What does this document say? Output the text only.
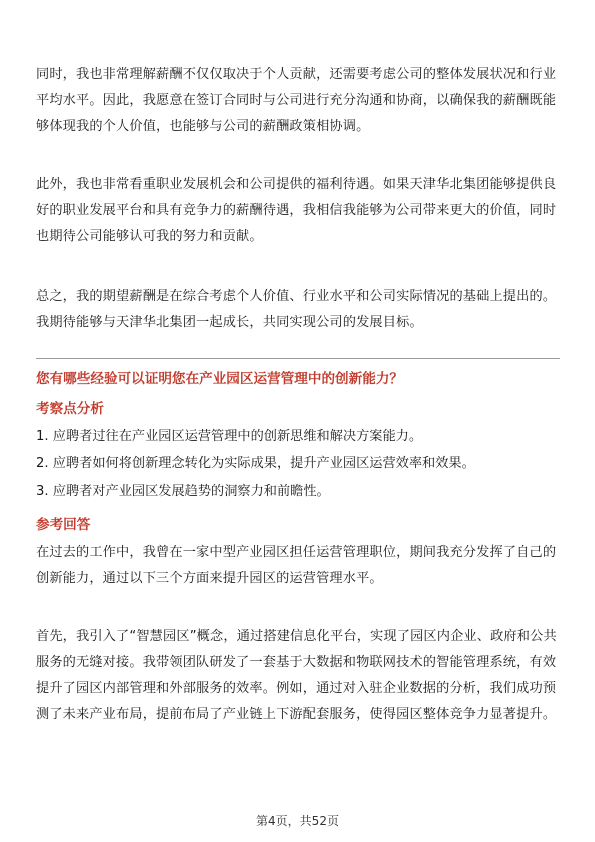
同时，我也非常理解薪酬不仅仅取决于个人贡献，还需要考虑公司的整体发展状况和行业平均水平。因此，我愿意在签订合同时与公司进行充分沟通和协商，以确保我的薪酬既能够体现我的个人价值，也能够与公司的薪酬政策相协调。

此外，我也非常看重职业发展机会和公司提供的福利待遇。如果天津华北集团能够提供良好的职业发展平台和具有竞争力的薪酬待遇，我相信我能够为公司带来更大的价值，同时也期待公司能够认可我的努力和贡献。

总之，我的期望薪酬是在综合考虑个人价值、行业水平和公司实际情况的基础上提出的。我期待能够与天津华北集团一起成长，共同实现公司的发展目标。

您有哪些经验可以证明您在产业园区运营管理中的创新能力？

考察点分析

1. 应聘者过往在产业园区运营管理中的创新思维和解决方案能力。

2. 应聘者如何将创新理念转化为实际成果，提升产业园区运营效率和效果。

3. 应聘者对产业园区发展趋势的洞察力和前瞻性。

参考回答

在过去的工作中，我曾在一家中型产业园区担任运营管理职位，期间我充分发挥了自己的创新能力，通过以下三个方面来提升园区的运营管理水平。

首先，我引入了“智慧园区”概念，通过搭建信息化平台，实现了园区内企业、政府和公共服务的无缝对接。我带领团队研发了一套基于大数据和物联网技术的智能管理系统，有效提升了园区内部管理和外部服务的效率。例如，通过对入驻企业数据的分析，我们成功预测了未来产业布局，提前布局了产业链上下游配套服务，使得园区整体竞争力显著提升。

第4页，共52页
